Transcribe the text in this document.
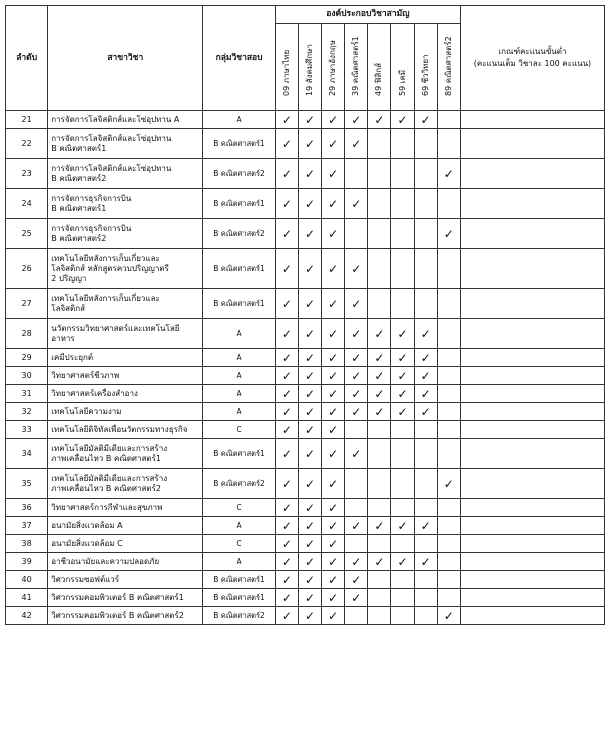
ลำดับ	สาขาวิชา	กลุ่มวิชาสอบ	องค์ประกอบวิชาสามัญ								เกณฑ์คะแนนขั้นต่ำ
(คะแนนเต็ม วิชาละ 100 คะแนน)

			09 ภาษาไทย	19 สังคมศึกษา	29 ภาษาอังกฤษ	39 คณิตศาสตร์1	49 ฟิสิกส์	59 เคมี	69 ชีววิทยา	89 คณิตศาสตร์2	

21	การจัดการโลจิสติกส์และโซ่อุปทาน A	A	✓	✓	✓	✓	✓	✓	✓		
22	การจัดการโลจิสติกส์และโซ่อุปทาน
B คณิตศาสตร์1	B คณิตศาสตร์1	✓	✓	✓	✓					
23	การจัดการโลจิสติกส์และโซ่อุปทาน
B คณิตศาสตร์2	B คณิตศาสตร์2	✓	✓	✓					✓	
24	การจัดการธุรกิจการบิน
B คณิตศาสตร์1	B คณิตศาสตร์1	✓	✓	✓	✓					
25	การจัดการธุรกิจการบิน
B คณิตศาสตร์2	B คณิตศาสตร์2	✓	✓	✓					✓	
26	เทคโนโลยีหลังการเก็บเกี่ยวและ
โลจิสติกส์ หลักสูตรควบปริญญาตรี
2 ปริญญา	B คณิตศาสตร์1	✓	✓	✓	✓					
27	เทคโนโลยีหลังการเก็บเกี่ยวและ
โลจิสติกส์	B คณิตศาสตร์1	✓	✓	✓	✓					
28	นวัตกรรมวิทยาศาสตร์และเทคโนโลยี
อาหาร	A	✓	✓	✓	✓	✓	✓	✓		
29	เคมีประยุกต์	A	✓	✓	✓	✓	✓	✓	✓		
30	วิทยาศาสตร์ชีวภาพ	A	✓	✓	✓	✓	✓	✓	✓		
31	วิทยาศาสตร์เครื่องสำอาง	A	✓	✓	✓	✓	✓	✓	✓		
32	เทคโนโลยีความงาม	A	✓	✓	✓	✓	✓	✓	✓		
33	เทคโนโลยีดิจิทัลเพื่อนวัตกรรมทางธุรกิจ	C	✓	✓	✓						
34	เทคโนโลยีมัลติมีเดียและการสร้าง
ภาพเคลื่อนไหว B คณิตศาสตร์1	B คณิตศาสตร์1	✓	✓	✓	✓					
35	เทคโนโลยีมัลติมีเดียและการสร้าง
ภาพเคลื่อนไหว B คณิตศาสตร์2	B คณิตศาสตร์2	✓	✓	✓					✓	
36	วิทยาศาสตร์การกีฬาและสุขภาพ	C	✓	✓	✓						
37	อนามัยสิ่งแวดล้อม A	A	✓	✓	✓	✓	✓	✓	✓		
38	อนามัยสิ่งแวดล้อม C	C	✓	✓	✓						
39	อาชีวอนามัยและความปลอดภัย	A	✓	✓	✓	✓	✓	✓	✓		
40	วิศวกรรมซอฟต์แวร์	B คณิตศาสตร์1	✓	✓	✓	✓					
41	วิศวกรรมคอมพิวเตอร์ B คณิตศาสตร์1	B คณิตศาสตร์1	✓	✓	✓	✓					
42	วิศวกรรมคอมพิวเตอร์ B คณิตศาสตร์2	B คณิตศาสตร์2	✓	✓	✓					✓	
